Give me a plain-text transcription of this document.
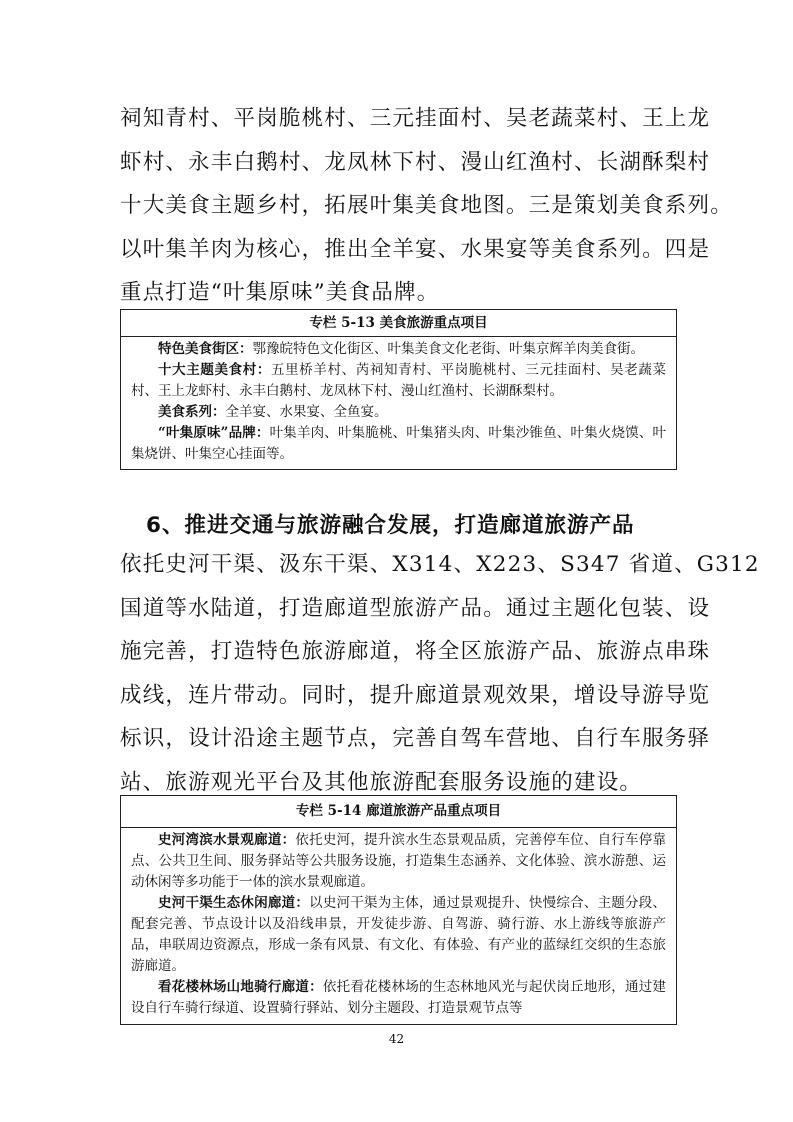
祠知青村、平岗脆桃村、三元挂面村、吴老蔬菜村、王上龙
虾村、永丰白鹅村、龙凤林下村、漫山红渔村、长湖酥梨村
十大美食主题乡村，拓展叶集美食地图。三是策划美食系列。
以叶集羊肉为核心，推出全羊宴、水果宴等美食系列。四是
重点打造“叶集原味”美食品牌。
专栏 5-13 美食旅游重点项目

特色美食街区：鄂豫皖特色文化街区、叶集美食文化老街、叶集京辉羊肉美食街。

十大主题美食村：五里桥羊村、芮祠知青村、平岗脆桃村、三元挂面村、吴老蔬菜村、王上龙虾村、永丰白鹅村、龙凤林下村、漫山红渔村、长湖酥梨村。

美食系列：全羊宴、水果宴、全鱼宴。

“叶集原味”品牌：叶集羊肉、叶集脆桃、叶集猪头肉、叶集沙锥鱼、叶集火烧馍、叶集烧饼、叶集空心挂面等。

6、推进交通与旅游融合发展，打造廊道旅游产品
依托史河干渠、汲东干渠、X314、X223、S347 省道、G312
国道等水陆道，打造廊道型旅游产品。通过主题化包装、设
施完善，打造特色旅游廊道，将全区旅游产品、旅游点串珠
成线，连片带动。同时，提升廊道景观效果，增设导游导览
标识，设计沿途主题节点，完善自驾车营地、自行车服务驿
站、旅游观光平台及其他旅游配套服务设施的建设。
专栏 5-14 廊道旅游产品重点项目

史河湾滨水景观廊道：依托史河，提升滨水生态景观品质，完善停车位、自行车停靠点、公共卫生间、服务驿站等公共服务设施，打造集生态涵养、文化体验、滨水游憩、运动休闲等多功能于一体的滨水景观廊道。

史河干渠生态休闲廊道：以史河干渠为主体，通过景观提升、快慢综合、主题分段、配套完善、节点设计以及沿线串景，开发徒步游、自驾游、骑行游、水上游线等旅游产品，串联周边资源点，形成一条有风景、有文化、有体验、有产业的蓝绿红交织的生态旅游廊道。

看花楼林场山地骑行廊道：依托看花楼林场的生态林地风光与起伏岗丘地形，通过建设自行车骑行绿道、设置骑行驿站、划分主题段、打造景观节点等

42
